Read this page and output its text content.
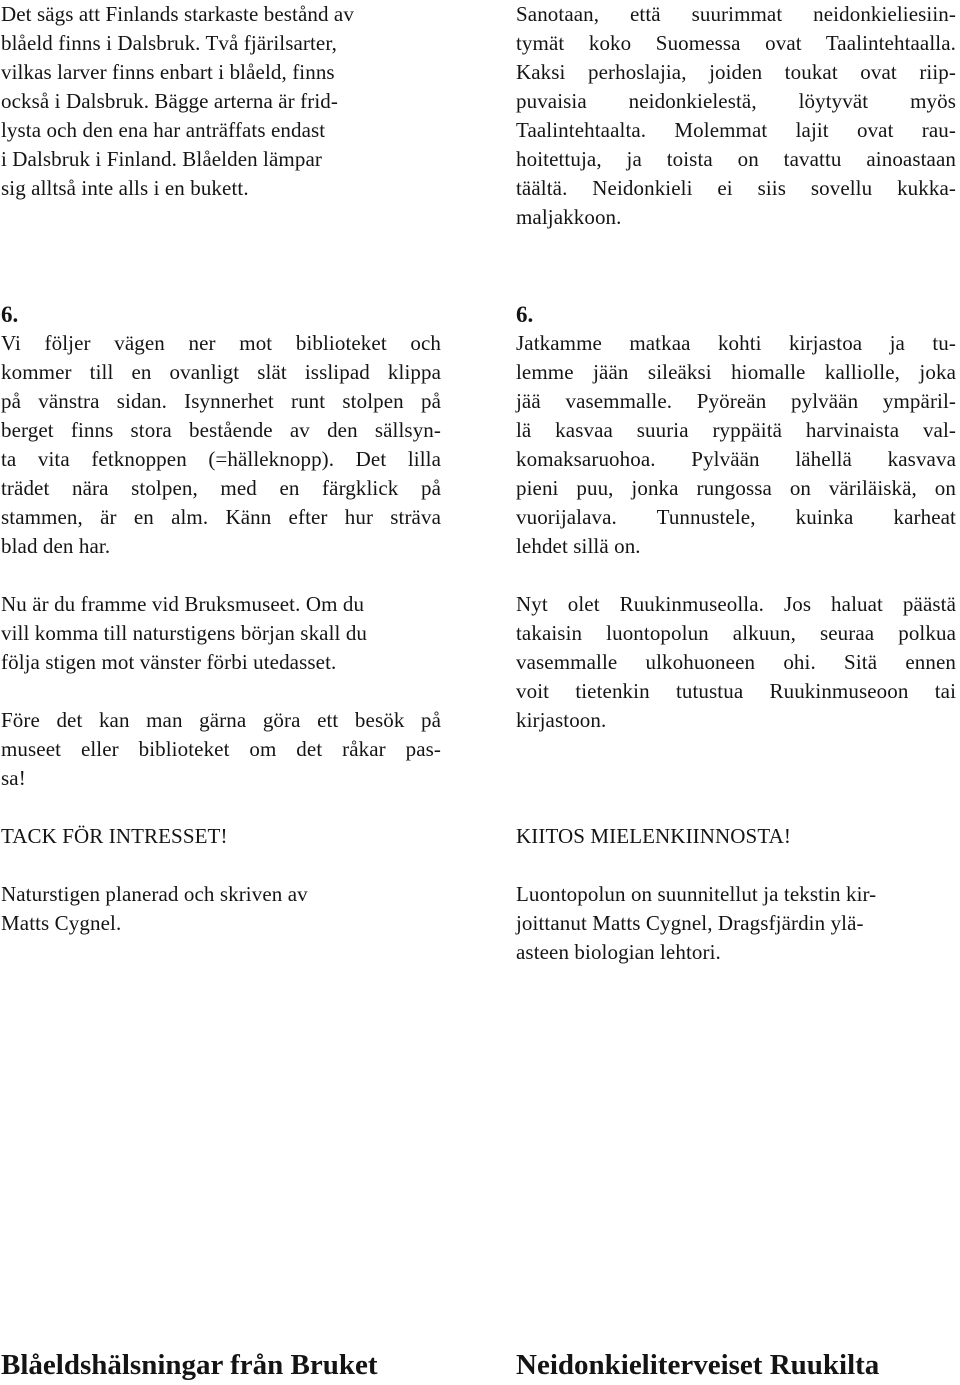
Det sägs att Finlands starkaste bestånd av
blåeld finns i Dalsbruk. Två fjärilsarter,
vilkas larver finns enbart i blåeld, finns
också i Dalsbruk. Bägge arterna är frid-
lysta och den ena har anträffats endast
i Dalsbruk i Finland. Blåelden lämpar
sig alltså inte alls i en bukett.

6.

Vi följer vägen ner mot biblioteket och

kommer till en ovanligt slät isslipad klippa

på vänstra sidan. Isynnerhet runt stolpen på

berget finns stora bestående av den sällsyn-

ta vita fetknoppen (=hälleknopp). Det lilla

trädet nära stolpen, med en färgklick på

stammen, är en alm. Känn efter hur sträva

blad den har.

Nu är du framme vid Bruksmuseet. Om du
vill komma till naturstigens början skall du
följa stigen mot vänster förbi utedasset.

Före det kan man gärna göra ett besök på

museet eller biblioteket om det råkar pas-

sa!

TACK FÖR INTRESSET!

Naturstigen planerad och skriven av
Matts Cygnel.

Sanotaan, että suurimmat neidonkieliesiin-

tymät koko Suomessa ovat Taalintehtaalla.

Kaksi perhoslajia, joiden toukat ovat riip-

puvaisia neidonkielestä, löytyvät myös

Taalintehtaalta. Molemmat lajit ovat rau-

hoitettuja, ja toista on tavattu ainoastaan

täältä. Neidonkieli ei siis sovellu kukka-

maljakkoon.

6.

Jatkamme matkaa kohti kirjastoa ja tu-

lemme jään sileäksi hiomalle kalliolle, joka

jää vasemmalle. Pyöreän pylvään ympäril-

lä kasvaa suuria ryppäitä harvinaista val-

komaksaruohoa. Pylvään lähellä kasvava

pieni puu, jonka rungossa on väriläiskä, on

vuorijalava. Tunnustele, kuinka karheat

lehdet sillä on.

Nyt olet Ruukinmuseolla. Jos haluat päästä

takaisin luontopolun alkuun, seuraa polkua

vasemmalle ulkohuoneen ohi. Sitä ennen

voit tietenkin tutustua Ruukinmuseoon tai

kirjastoon.

KIITOS MIELENKIINNOSTA!

Luontopolun on suunnitellut ja tekstin kir-
joittanut Matts Cygnel, Dragsfjärdin ylä-
asteen biologian lehtori.

Blåeldshälsningar från Bruket	Neidonkieliterveiset Ruukilta
